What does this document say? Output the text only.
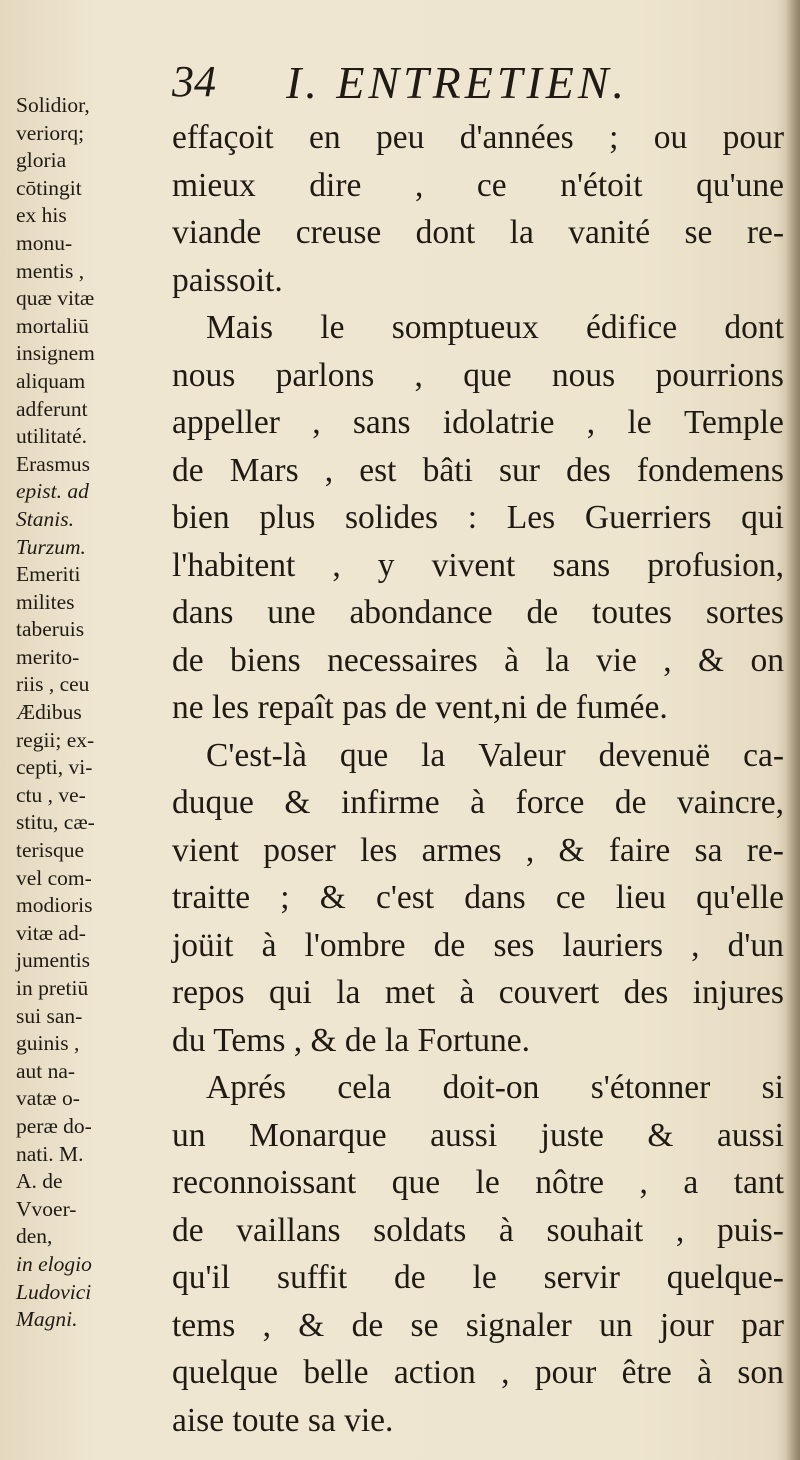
34 I. ENTRETIEN.
Solidior,
veriorq;
gloria
cōtingit
ex his
monu-
mentis ,
quæ vitæ
mortaliū
insignem
aliquam
adferunt
utilitaté.
Erasmus
epist. ad
Stanis.
Turzum.
Emeriti
milites
taberuis
merito-
riis , ceu
Ædibus
regii; ex-
cepti, vi-
ctu , ve-
stitu, cæ-
terisque
vel com-
modioris
vitæ ad-
jumentis
in pretiū
sui san-
guinis ,
aut na-
vatæ o-
peræ do-
nati. M.
A. de
Vvoer-
den,
in elogio
Ludovici
Magni.
effaçoit en peu d'années ; ou pour
mieux dire , ce n'étoit qu'une
viande creuse dont la vanité se re-
paissoit.
Mais le somptueux édifice dont
nous parlons , que nous pourrions
appeller , sans idolatrie , le Temple
de Mars , est bâti sur des fondemens
bien plus solides : Les Guerriers qui
l'habitent , y vivent sans profusion,
dans une abondance de toutes sortes
de biens necessaires à la vie , & on
ne les repaît pas de vent,ni de fumée.
C'est-là que la Valeur devenuë ca-
duque & infirme à force de vaincre,
vient poser les armes , & faire sa re-
traitte ; & c'est dans ce lieu qu'elle
joüit à l'ombre de ses lauriers , d'un
repos qui la met à couvert des injures
du Tems , & de la Fortune.
Aprés cela doit-on s'étonner si
un Monarque aussi juste & aussi
reconnoissant que le nôtre , a tant
de vaillans soldats à souhait , puis-
qu'il suffit de le servir quelque-
tems , & de se signaler un jour par
quelque belle action , pour être à son
aise toute sa vie.
